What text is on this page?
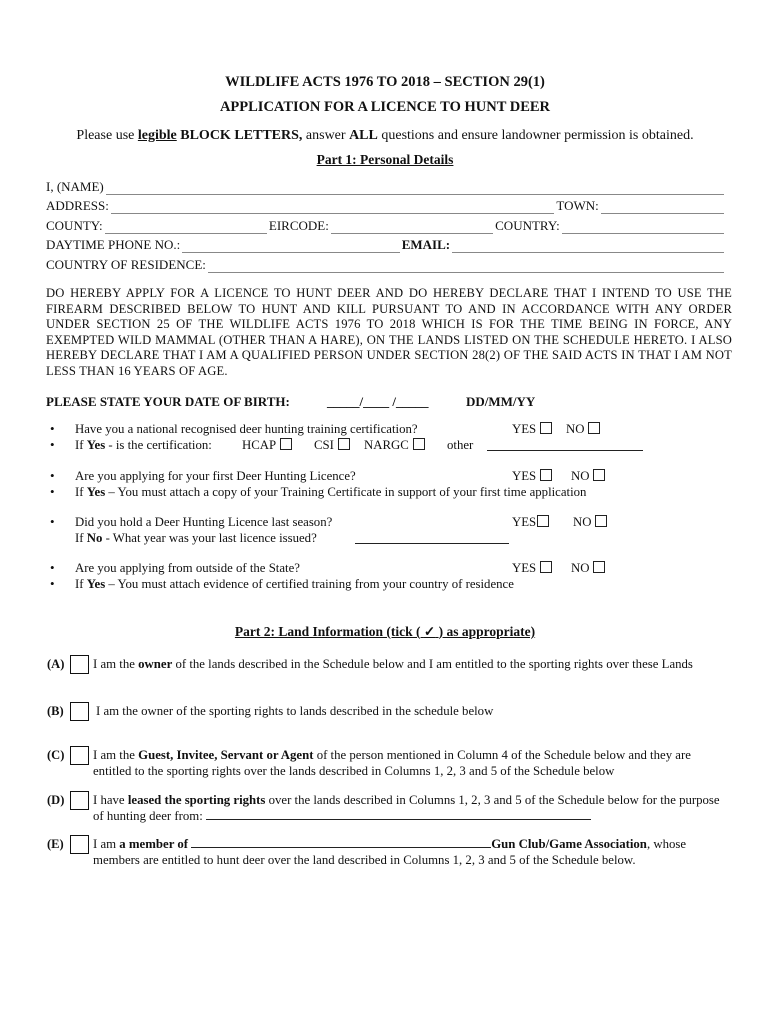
WILDLIFE ACTS 1976 TO 2018 – SECTION 29(1)
APPLICATION FOR A LICENCE TO HUNT DEER
Please use legible BLOCK LETTERS, answer ALL questions and ensure landowner permission is obtained.
Part 1: Personal Details
I, (NAME)
ADDRESS:	TOWN:
COUNTY:	EIRCODE:	COUNTRY:
DAYTIME PHONE NO.:	EMAIL:
COUNTRY OF RESIDENCE:
DO HEREBY APPLY FOR A LICENCE TO HUNT DEER AND DO HEREBY DECLARE THAT I INTEND TO USE THE FIREARM DESCRIBED BELOW TO HUNT AND KILL PURSUANT TO AND IN ACCORDANCE WITH ANY ORDER UNDER SECTION 25 OF THE WILDLIFE ACTS 1976 TO 2018 WHICH IS FOR THE TIME BEING IN FORCE, ANY EXEMPTED WILD MAMMAL (OTHER THAN A HARE), ON THE LANDS LISTED ON THE SCHEDULE HERETO. I ALSO HEREBY DECLARE THAT I AM A QUALIFIED PERSON UNDER SECTION 28(2) OF THE SAID ACTS IN THAT I AM NOT LESS THAN 16 YEARS OF AGE.
PLEASE STATE YOUR DATE OF BIRTH:	_____/____ /_____	DD/MM/YY
• Have you a national recognised deer hunting training certification?	YES	NO
• If Yes - is the certification: HCAP	CSI	NARGC	other
• Are you applying for your first Deer Hunting Licence?	YES	NO
• If Yes – You must attach a copy of your Training Certificate in support of your first time application
• Did you hold a Deer Hunting Licence last season?	YES	NO
If No - What year was your last licence issued?
• Are you applying from outside of the State?	YES	NO
• If Yes – You must attach evidence of certified training from your country of residence
Part 2: Land Information (tick ( ✓ ) as appropriate)
(A) I am the owner of the lands described in the Schedule below and I am entitled to the sporting rights over these Lands
(B)	I am the owner of the sporting rights to lands described in the schedule below
(C) I am the Guest, Invitee, Servant or Agent of the person mentioned in Column 4 of the Schedule below and they are entitled to the sporting rights over the lands described in Columns 1, 2, 3 and 5 of the Schedule below
(D) I have leased the sporting rights over the lands described in Columns 1, 2, 3 and 5 of the Schedule below for the purpose of hunting deer from:
(E) I am a member of	Gun Club/Game Association, whose members are entitled to hunt deer over the land described in Columns 1, 2, 3 and 5 of the Schedule below.
